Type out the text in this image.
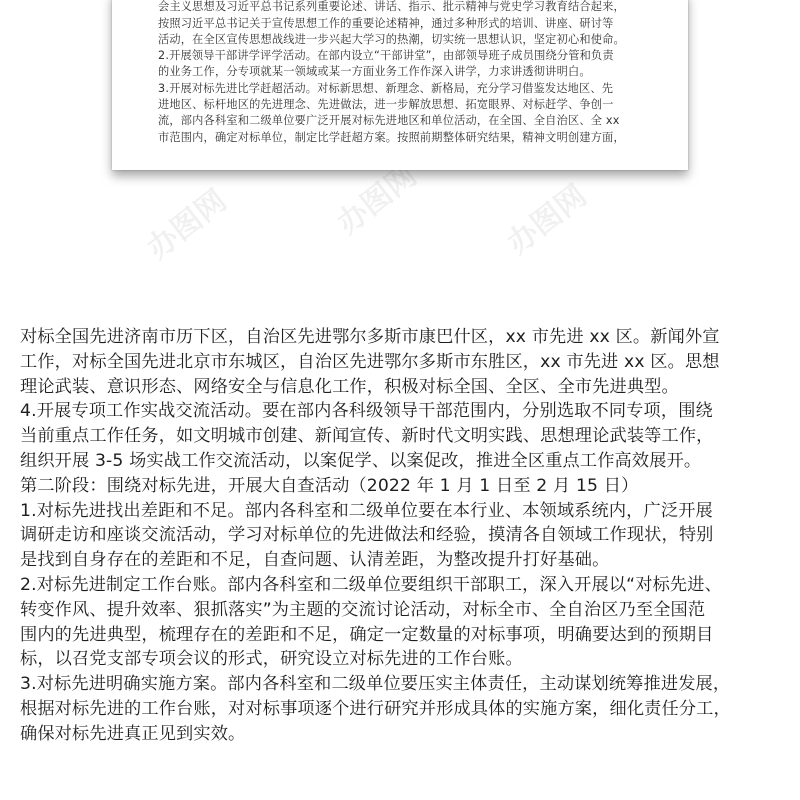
办图网	办图网	办图网

会主义思想及习近平总书记系列重要论述、讲话、指示、批示精神与党史学习教育结合起来，

按照习近平总书记关于宣传思想工作的重要论述精神，通过多种形式的培训、讲座、研讨等

活动，在全区宣传思想战线进一步兴起大学习的热潮，切实统一思想认识，坚定初心和使命。

2.开展领导干部讲学评学活动。在部内设立“干部讲堂”，由部领导班子成员围绕分管和负责

的业务工作，分专项就某一领域或某一方面业务工作作深入讲学，力求讲透彻讲明白。

3.开展对标先进比学赶超活动。对标新思想、新理念、新格局，充分学习借鉴发达地区、先

进地区、标杆地区的先进理念、先进做法，进一步解放思想、拓宽眼界、对标赶学、争创一

流，部内各科室和二级单位要广泛开展对标先进地区和单位活动，在全国、全自治区、全 xx

市范围内，确定对标单位，制定比学赶超方案。按照前期整体研究结果，精神文明创建方面，

对标全国先进济南市历下区，自治区先进鄂尔多斯市康巴什区，xx 市先进 xx 区。新闻外宣

工作，对标全国先进北京市东城区，自治区先进鄂尔多斯市东胜区，xx 市先进 xx 区。思想

理论武装、意识形态、网络安全与信息化工作，积极对标全国、全区、全市先进典型。

4.开展专项工作实战交流活动。要在部内各科级领导干部范围内，分别选取不同专项，围绕

当前重点工作任务，如文明城市创建、新闻宣传、新时代文明实践、思想理论武装等工作，

组织开展 3-5 场实战工作交流活动，以案促学、以案促改，推进全区重点工作高效展开。

第二阶段：围绕对标先进，开展大自查活动（2022 年 1 月 1 日至 2 月 15 日）

1.对标先进找出差距和不足。部内各科室和二级单位要在本行业、本领域系统内，广泛开展

调研走访和座谈交流活动，学习对标单位的先进做法和经验，摸清各自领域工作现状，特别

是找到自身存在的差距和不足，自查问题、认清差距，为整改提升打好基础。

2.对标先进制定工作台账。部内各科室和二级单位要组织干部职工，深入开展以“对标先进、

转变作风、提升效率、狠抓落实”为主题的交流讨论活动，对标全市、全自治区乃至全国范

围内的先进典型，梳理存在的差距和不足，确定一定数量的对标事项，明确要达到的预期目

标，以召党支部专项会议的形式，研究设立对标先进的工作台账。

3.对标先进明确实施方案。部内各科室和二级单位要压实主体责任，主动谋划统筹推进发展，

根据对标先进的工作台账，对对标事项逐个进行研究并形成具体的实施方案，细化责任分工，

确保对标先进真正见到实效。
